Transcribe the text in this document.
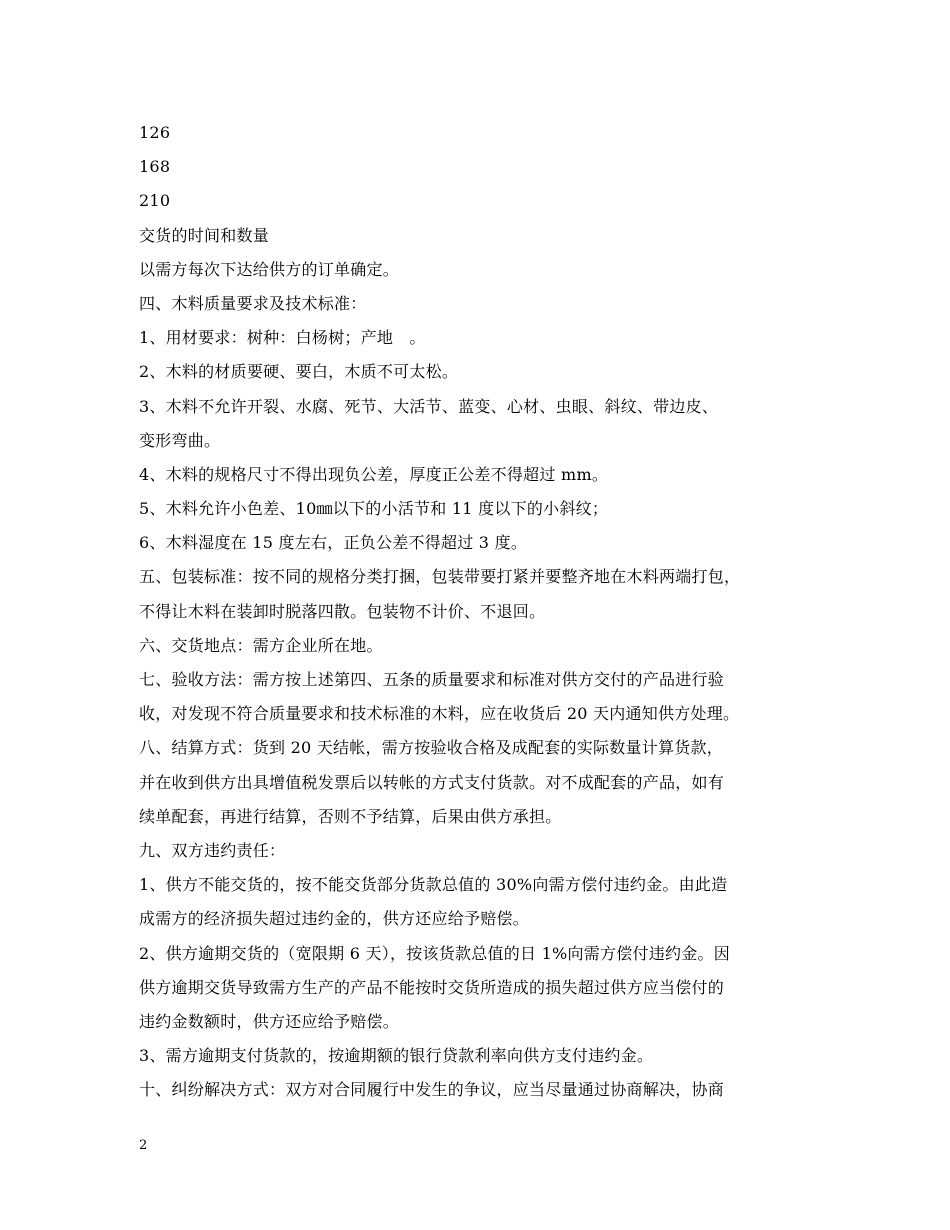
126
168
210
交货的时间和数量
以需方每次下达给供方的订单确定。
四、木料质量要求及技术标准：
1、用材要求：树种：白杨树；产地　。
2、木料的材质要硬、要白，木质不可太松。
3、木料不允许开裂、水腐、死节、大活节、蓝变、心材、虫眼、斜纹、带边皮、
变形弯曲。
4、木料的规格尺寸不得出现负公差，厚度正公差不得超过 mm。
5、木料允许小色差、10㎜以下的小活节和 11 度以下的小斜纹；
6、木料湿度在 15 度左右，正负公差不得超过 3 度。
五、包装标准：按不同的规格分类打捆，包装带要打紧并要整齐地在木料两端打包，
不得让木料在装卸时脱落四散。包装物不计价、不退回。
六、交货地点：需方企业所在地。
七、验收方法：需方按上述第四、五条的质量要求和标准对供方交付的产品进行验
收，对发现不符合质量要求和技术标准的木料，应在收货后 20 天内通知供方处理。
八、结算方式：货到 20 天结帐，需方按验收合格及成配套的实际数量计算货款，
并在收到供方出具增值税发票后以转帐的方式支付货款。对不成配套的产品，如有
续单配套，再进行结算，否则不予结算，后果由供方承担。
九、双方违约责任：
1、供方不能交货的，按不能交货部分货款总值的 30%向需方偿付违约金。由此造
成需方的经济损失超过违约金的，供方还应给予赔偿。
2、供方逾期交货的（宽限期 6 天），按该货款总值的日 1%向需方偿付违约金。因
供方逾期交货导致需方生产的产品不能按时交货所造成的损失超过供方应当偿付的
违约金数额时，供方还应给予赔偿。
3、需方逾期支付货款的，按逾期额的银行贷款利率向供方支付违约金。
十、纠纷解决方式：双方对合同履行中发生的争议，应当尽量通过协商解决，协商
2
